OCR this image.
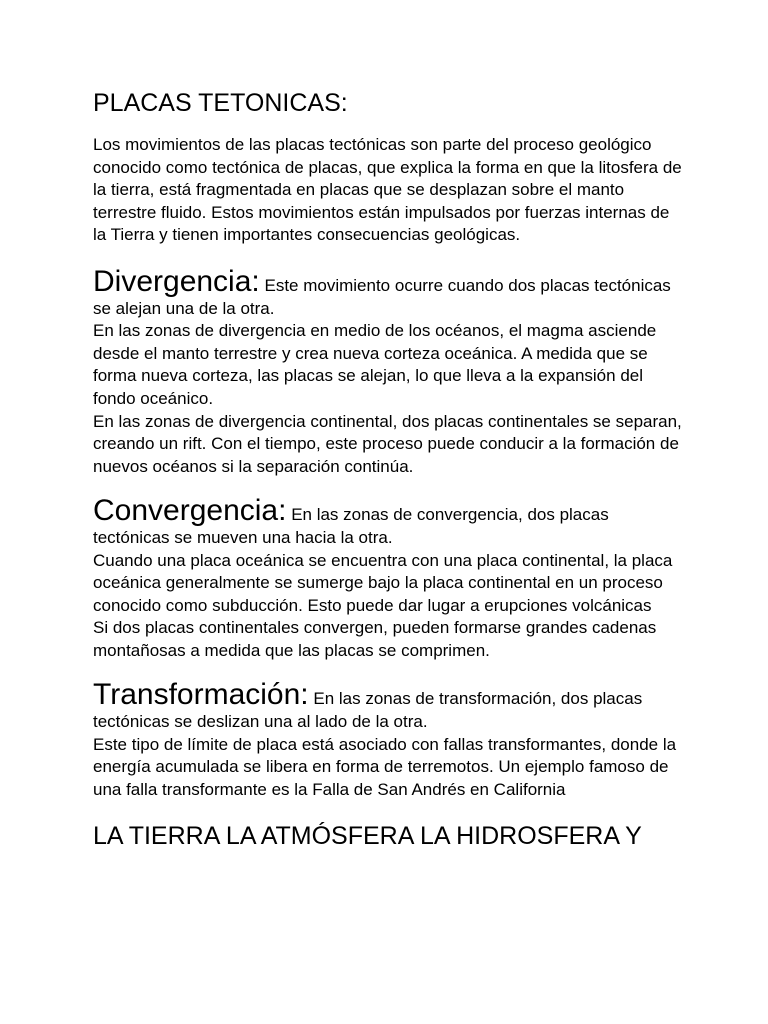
PLACAS TETONICAS:

Los movimientos de las placas tectónicas son parte del proceso geológico conocido como tectónica de placas, que explica la forma en que la litosfera de la tierra, está fragmentada en placas que se desplazan sobre el manto terrestre fluido. Estos movimientos están impulsados por fuerzas internas de la Tierra y tienen importantes consecuencias geológicas.

Divergencia: Este movimiento ocurre cuando dos placas tectónicas se alejan una de la otra.

En las zonas de divergencia en medio de los océanos, el magma asciende desde el manto terrestre y crea nueva corteza oceánica. A medida que se forma nueva corteza, las placas se alejan, lo que lleva a la expansión del fondo oceánico.

En las zonas de divergencia continental, dos placas continentales se separan, creando un rift. Con el tiempo, este proceso puede conducir a la formación de nuevos océanos si la separación continúa.

Convergencia: En las zonas de convergencia, dos placas tectónicas se mueven una hacia la otra.

Cuando una placa oceánica se encuentra con una placa continental, la placa oceánica generalmente se sumerge bajo la placa continental en un proceso conocido como subducción. Esto puede dar lugar a erupciones volcánicas

Si dos placas continentales convergen, pueden formarse grandes cadenas montañosas a medida que las placas se comprimen.

Transformación: En las zonas de transformación, dos placas tectónicas se deslizan una al lado de la otra.

Este tipo de límite de placa está asociado con fallas transformantes, donde la energía acumulada se libera en forma de terremotos. Un ejemplo famoso de una falla transformante es la Falla de San Andrés en California

LA TIERRA LA ATMÓSFERA LA HIDROSFERA Y
